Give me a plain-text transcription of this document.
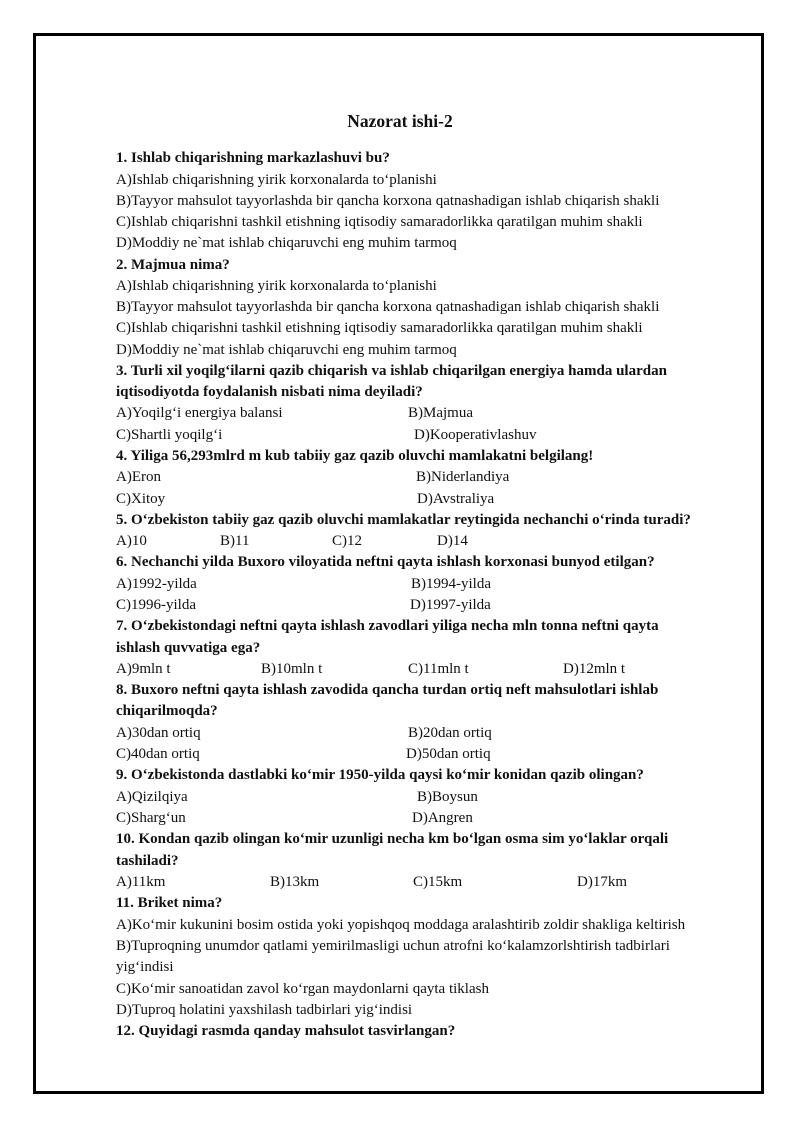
Nazorat ishi-2
1. Ishlab chiqarishning markazlashuvi bu?
A)Ishlab chiqarishning yirik korxonalarda to‘planishi
B)Tayyor mahsulot tayyorlashda bir qancha korxona qatnashadigan ishlab chiqarish shakli
C)Ishlab chiqarishni tashkil etishning iqtisodiy samaradorlikka qaratilgan muhim shakli
D)Moddiy ne`mat ishlab chiqaruvchi eng muhim tarmoq
2. Majmua nima?
A)Ishlab chiqarishning yirik korxonalarda to‘planishi
B)Tayyor mahsulot tayyorlashda bir qancha korxona qatnashadigan ishlab chiqarish shakli
C)Ishlab chiqarishni tashkil etishning iqtisodiy samaradorlikka qaratilgan muhim shakli
D)Moddiy ne`mat ishlab chiqaruvchi eng muhim tarmoq
3. Turli xil yoqilg‘ilarni qazib chiqarish va ishlab chiqarilgan energiya hamda ulardan
iqtisodiyotda foydalanish nisbati nima deyiladi?
A)Yoqilg‘i energiya balansi	B)Majmua
C)Shartli yoqilg‘i	D)Kooperativlashuv
4. Yiliga 56,293mlrd m kub tabiiy gaz qazib oluvchi mamlakatni belgilang!
A)Eron	B)Niderlandiya
C)Xitoy	D)Avstraliya
5. O‘zbekiston tabiiy gaz qazib oluvchi mamlakatlar reytingida nechanchi o‘rinda turadi?
A)10	B)11	C)12	D)14
6. Nechanchi yilda Buxoro viloyatida neftni qayta ishlash korxonasi bunyod etilgan?
A)1992-yilda	B)1994-yilda
C)1996-yilda	D)1997-yilda
7. O‘zbekistondagi neftni qayta ishlash zavodlari yiliga necha mln tonna neftni qayta
ishlash quvvatiga ega?
A)9mln t	B)10mln t	C)11mln t	D)12mln t
8. Buxoro neftni qayta ishlash zavodida qancha turdan ortiq neft mahsulotlari ishlab
chiqarilmoqda?
A)30dan ortiq	B)20dan ortiq
C)40dan ortiq	D)50dan ortiq
9. O‘zbekistonda dastlabki ko‘mir 1950-yilda qaysi ko‘mir konidan qazib olingan?
A)Qizilqiya	B)Boysun
C)Sharg‘un	D)Angren
10. Kondan qazib olingan ko‘mir uzunligi necha km bo‘lgan osma sim yo‘laklar orqali
tashiladi?
A)11km	B)13km	C)15km	D)17km
11. Briket nima?
A)Ko‘mir kukunini bosim ostida yoki yopishqoq moddaga aralashtirib zoldir shakliga keltirish
B)Tuproqning unumdor qatlami yemirilmasligi uchun atrofni ko‘kalamzorlshtirish tadbirlari
yig‘indisi
C)Ko‘mir sanoatidan zavol ko‘rgan maydonlarni qayta tiklash
D)Tuproq holatini yaxshilash tadbirlari yig‘indisi
12. Quyidagi rasmda qanday mahsulot tasvirlangan?
